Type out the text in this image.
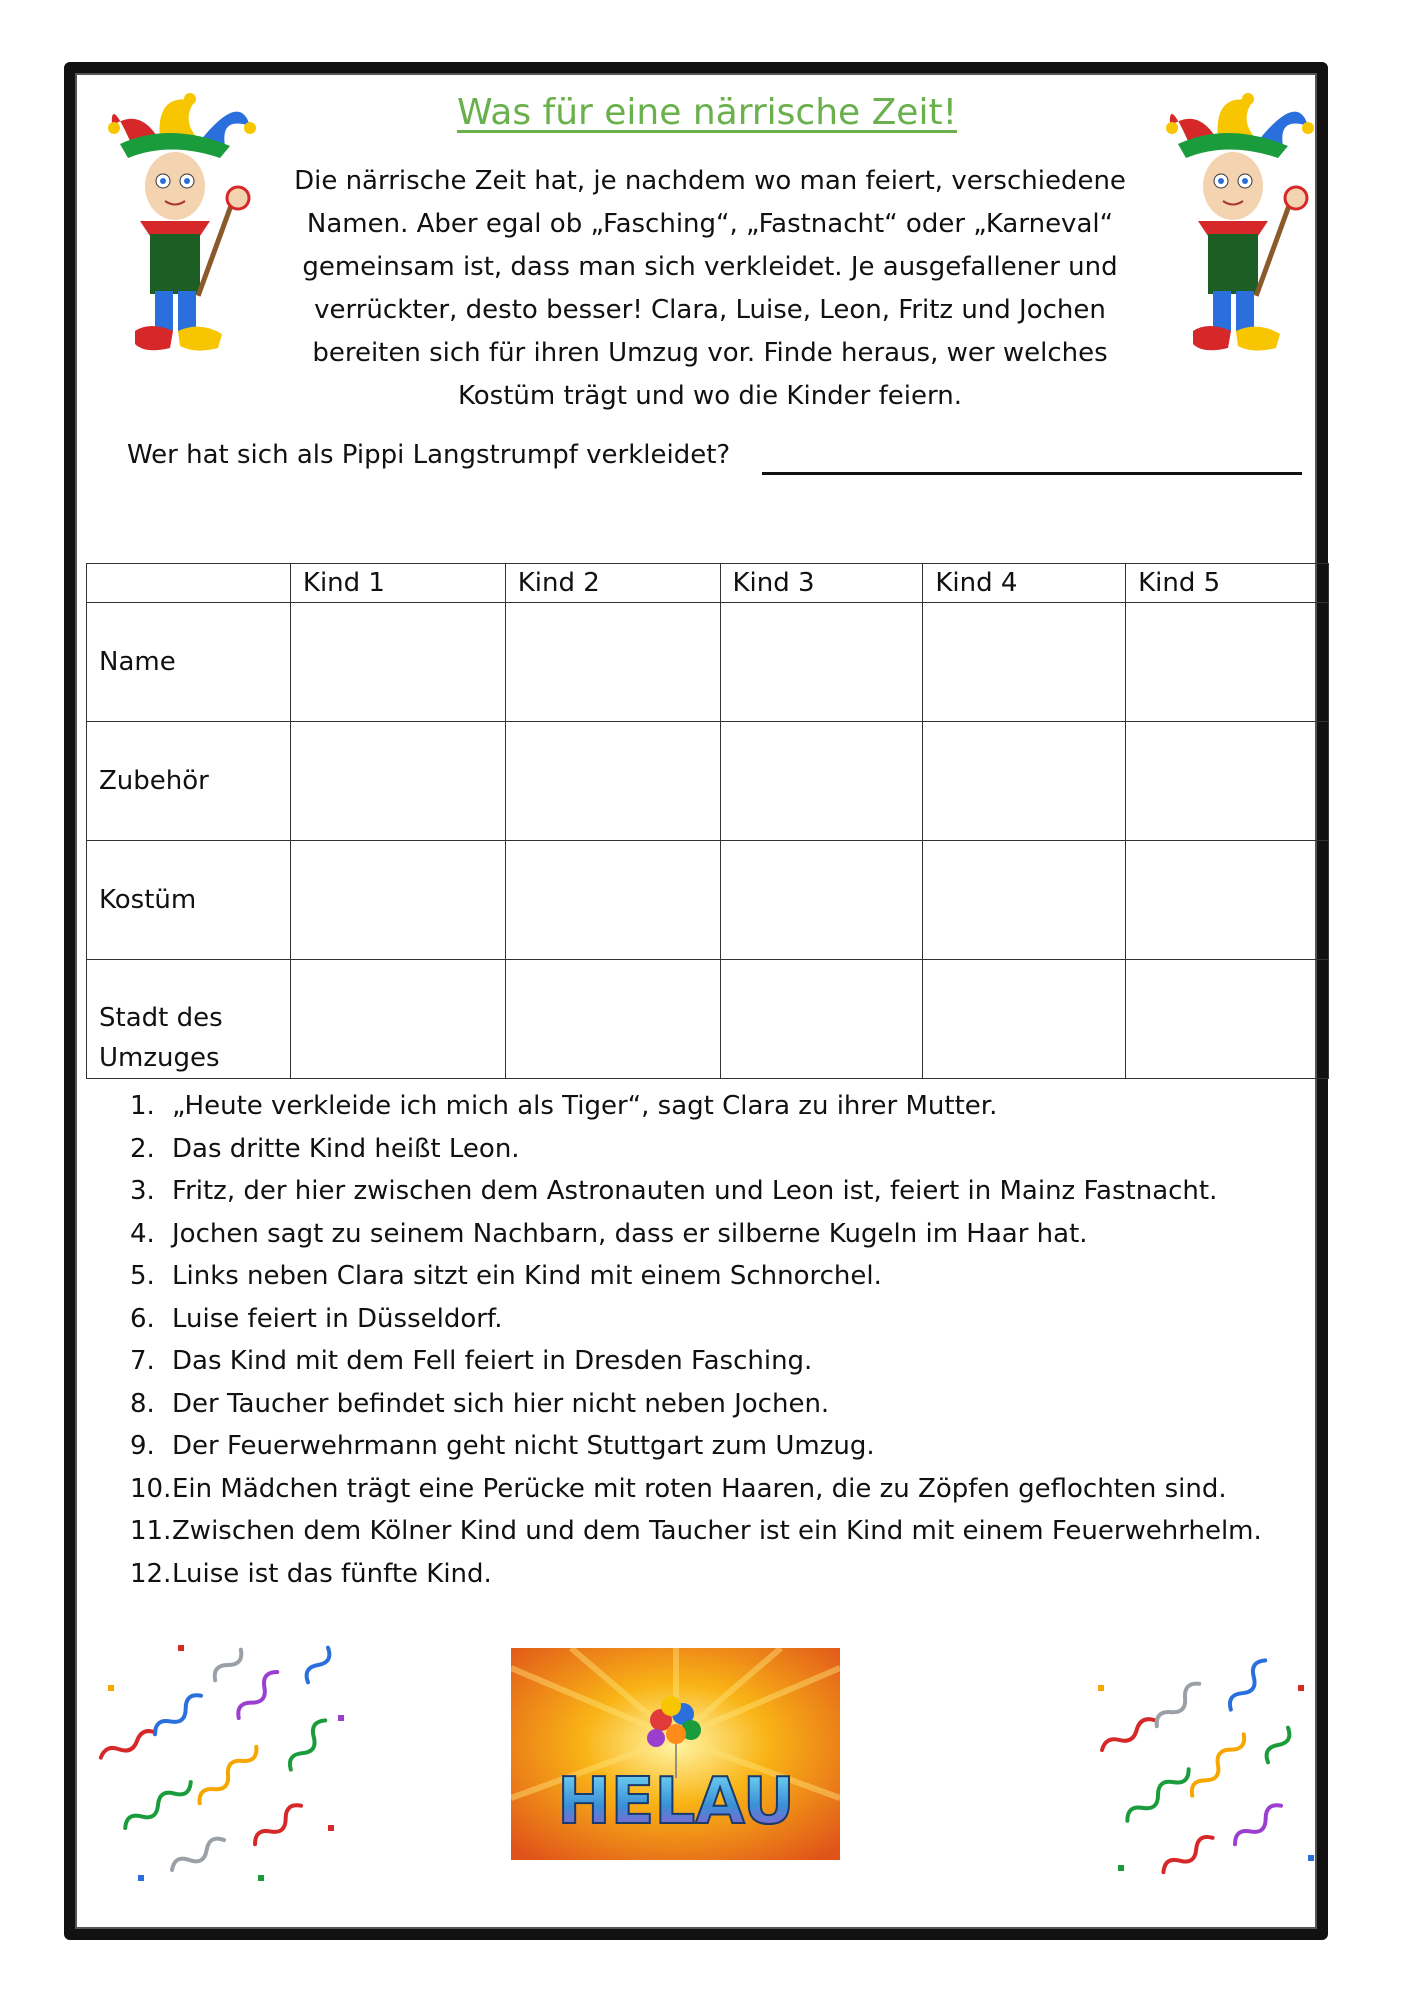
Was für eine närrische Zeit!
Die närrische Zeit hat, je nachdem wo man feiert, verschiedene Namen. Aber egal ob „Fasching“, „Fastnacht“ oder „Karneval“ gemeinsam ist, dass man sich verkleidet. Je ausgefallener und verrückter, desto besser! Clara, Luise, Leon, Fritz und Jochen bereiten sich für ihren Umzug vor. Finde heraus, wer welches Kostüm trägt und wo die Kinder feiern.
Wer hat sich als Pippi Langstrumpf verkleidet?
	Kind 1	Kind 2	Kind 3	Kind 4	Kind 5
Name					
Zubehör					
Kostüm					
Stadt des Umzuges					
1. „Heute verkleide ich mich als Tiger“, sagt Clara zu ihrer Mutter.
2. Das dritte Kind heißt Leon.
3. Fritz, der hier zwischen dem Astronauten und Leon ist, feiert in Mainz Fastnacht.
4. Jochen sagt zu seinem Nachbarn, dass er silberne Kugeln im Haar hat.
5. Links neben Clara sitzt ein Kind mit einem Schnorchel.
6. Luise feiert in Düsseldorf.
7. Das Kind mit dem Fell feiert in Dresden Fasching.
8. Der Taucher befindet sich hier nicht neben Jochen.
9. Der Feuerwehrmann geht nicht Stuttgart zum Umzug.
10. Ein Mädchen trägt eine Perücke mit roten Haaren, die zu Zöpfen geflochten sind.
11. Zwischen dem Kölner Kind und dem Taucher ist ein Kind mit einem Feuerwehrhelm.
12. Luise ist das fünfte Kind.
HELAU
